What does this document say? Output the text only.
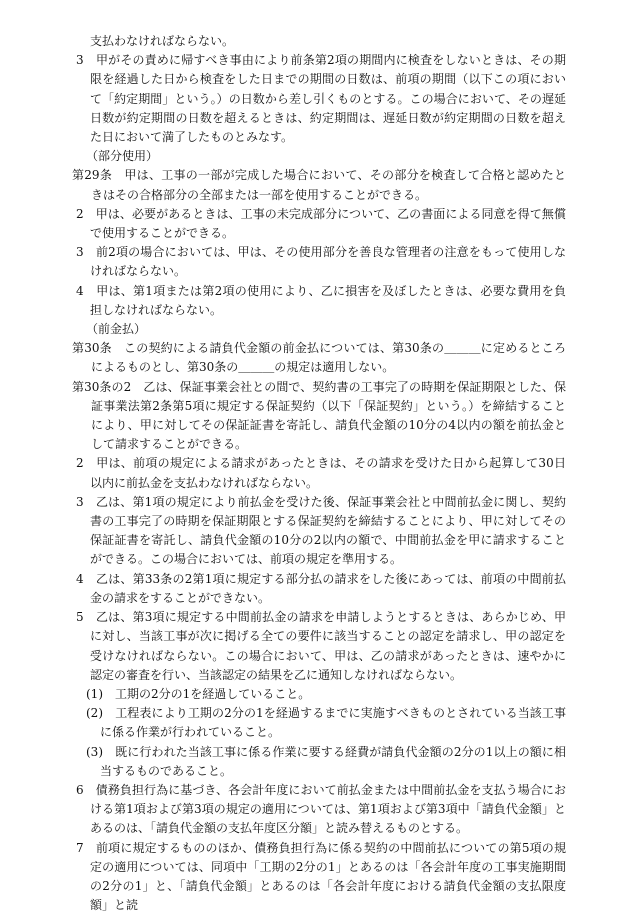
支払わなければならない。

3　甲がその責めに帰すべき事由により前条第2項の期間内に検査をしないときは、その期限を経過した日から検査をした日までの期間の日数は、前項の期間（以下この項において「約定期間」という。）の日数から差し引くものとする。この場合において、その遅延日数が約定期間の日数を超えるときは、約定期間は、遅延日数が約定期間の日数を超えた日において満了したものとみなす。

（部分使用）

第29条　甲は、工事の一部が完成した場合において、その部分を検査して合格と認めたときはその合格部分の全部または一部を使用することができる。

2　甲は、必要があるときは、工事の未完成部分について、乙の書面による同意を得て無償で使用することができる。

3　前2項の場合においては、甲は、その使用部分を善良な管理者の注意をもって使用しなければならない。

4　甲は、第1項または第2項の使用により、乙に損害を及ぼしたときは、必要な費用を負担しなければならない。

（前金払）

第30条　この契約による請負代金額の前金払については、第30条の＿＿＿に定めるところによるものとし、第30条の＿＿＿の規定は適用しない。

第30条の2　乙は、保証事業会社との間で、契約書の工事完了の時期を保証期限とした、保証事業法第2条第5項に規定する保証契約（以下「保証契約」という。）を締結することにより、甲に対してその保証証書を寄託し、請負代金額の10分の4以内の額を前払金として請求することができる。

2　甲は、前項の規定による請求があったときは、その請求を受けた日から起算して30日以内に前払金を支払わなければならない。

3　乙は、第1項の規定により前払金を受けた後、保証事業会社と中間前払金に関し、契約書の工事完了の時期を保証期限とする保証契約を締結することにより、甲に対してその保証証書を寄託し、請負代金額の10分の2以内の額で、中間前払金を甲に請求することができる。この場合においては、前項の規定を準用する。

4　乙は、第33条の2第1項に規定する部分払の請求をした後にあっては、前項の中間前払金の請求をすることができない。

5　乙は、第3項に規定する中間前払金の請求を申請しようとするときは、あらかじめ、甲に対し、当該工事が次に掲げる全ての要件に該当することの認定を請求し、甲の認定を受けなければならない。この場合において、甲は、乙の請求があったときは、速やかに認定の審査を行い、当該認定の結果を乙に通知しなければならない。

(1)　工期の2分の1を経過していること。

(2)　工程表により工期の2分の1を経過するまでに実施すべきものとされている当該工事に係る作業が行われていること。

(3)　既に行われた当該工事に係る作業に要する経費が請負代金額の2分の1以上の額に相当するものであること。

6　債務負担行為に基づき、各会計年度において前払金または中間前払金を支払う場合における第1項および第3項の規定の適用については、第1項および第3項中「請負代金額」とあるのは、「請負代金額の支払年度区分額」と読み替えるものとする。

7　前項に規定するもののほか、債務負担行為に係る契約の中間前払についての第5項の規定の適用については、同項中「工期の2分の1」とあるのは「各会計年度の工事実施期間の2分の1」と、「請負代金額」とあるのは「各会計年度における請負代金額の支払限度額」と読
